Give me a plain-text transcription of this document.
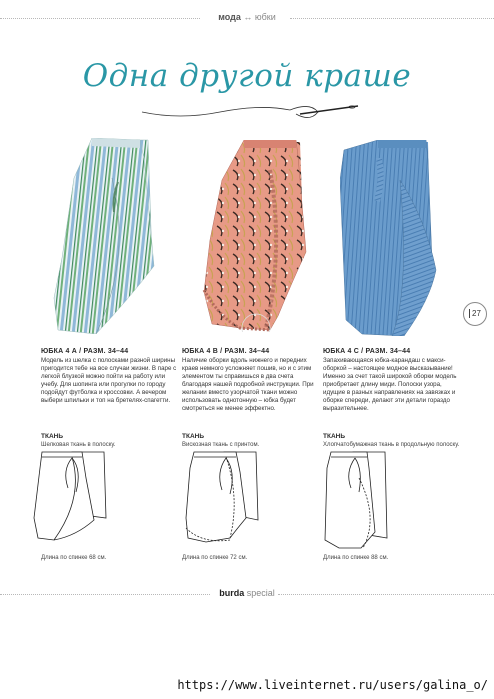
мода ↔ юбки
Одна другой краше
27
ЮБКА 4 А / РАЗМ. 34–44
Модель из шелка с полосками разной ширины пригодится тебе на все случаи жизни. В паре с легкой блузкой можно пойти на работу или учебу. Для шопинга или прогулки по городу подойдут футболка и кроссовки. А вечером выбери шпильки и топ на бретелях-спагетти.
ТКАНЬ
Шелковая ткань в полоску.
Длина по спинке 68 см.
ЮБКА 4 В / РАЗМ. 34–44
Наличие оборки вдоль нижнего и передних краев немного усложняет пошив, но и с этим элементом ты справишься в два счета благодаря нашей подробной инструкции. При желании вместо узорчатой ткани можно использовать однотонную – юбка будет смотреться не менее эффектно.
ТКАНЬ
Вискозная ткань с принтом.
Длина по спинке 72 см.
ЮБКА 4 С / РАЗМ. 34–44
Запахивающаяся юбка-карандаш с макси-оборкой – настоящее модное высказывание! Именно за счет такой широкой оборки модель приобретает длину миди. Полоски узора, идущие в разных направлениях на завязках и оборке спереди, делают эти детали гораздо выразительнее.
ТКАНЬ
Хлопчатобумажная ткань в продольную полоску.
Длина по спинке 88 см.
burda special
https://www.liveinternet.ru/users/galina_o/
